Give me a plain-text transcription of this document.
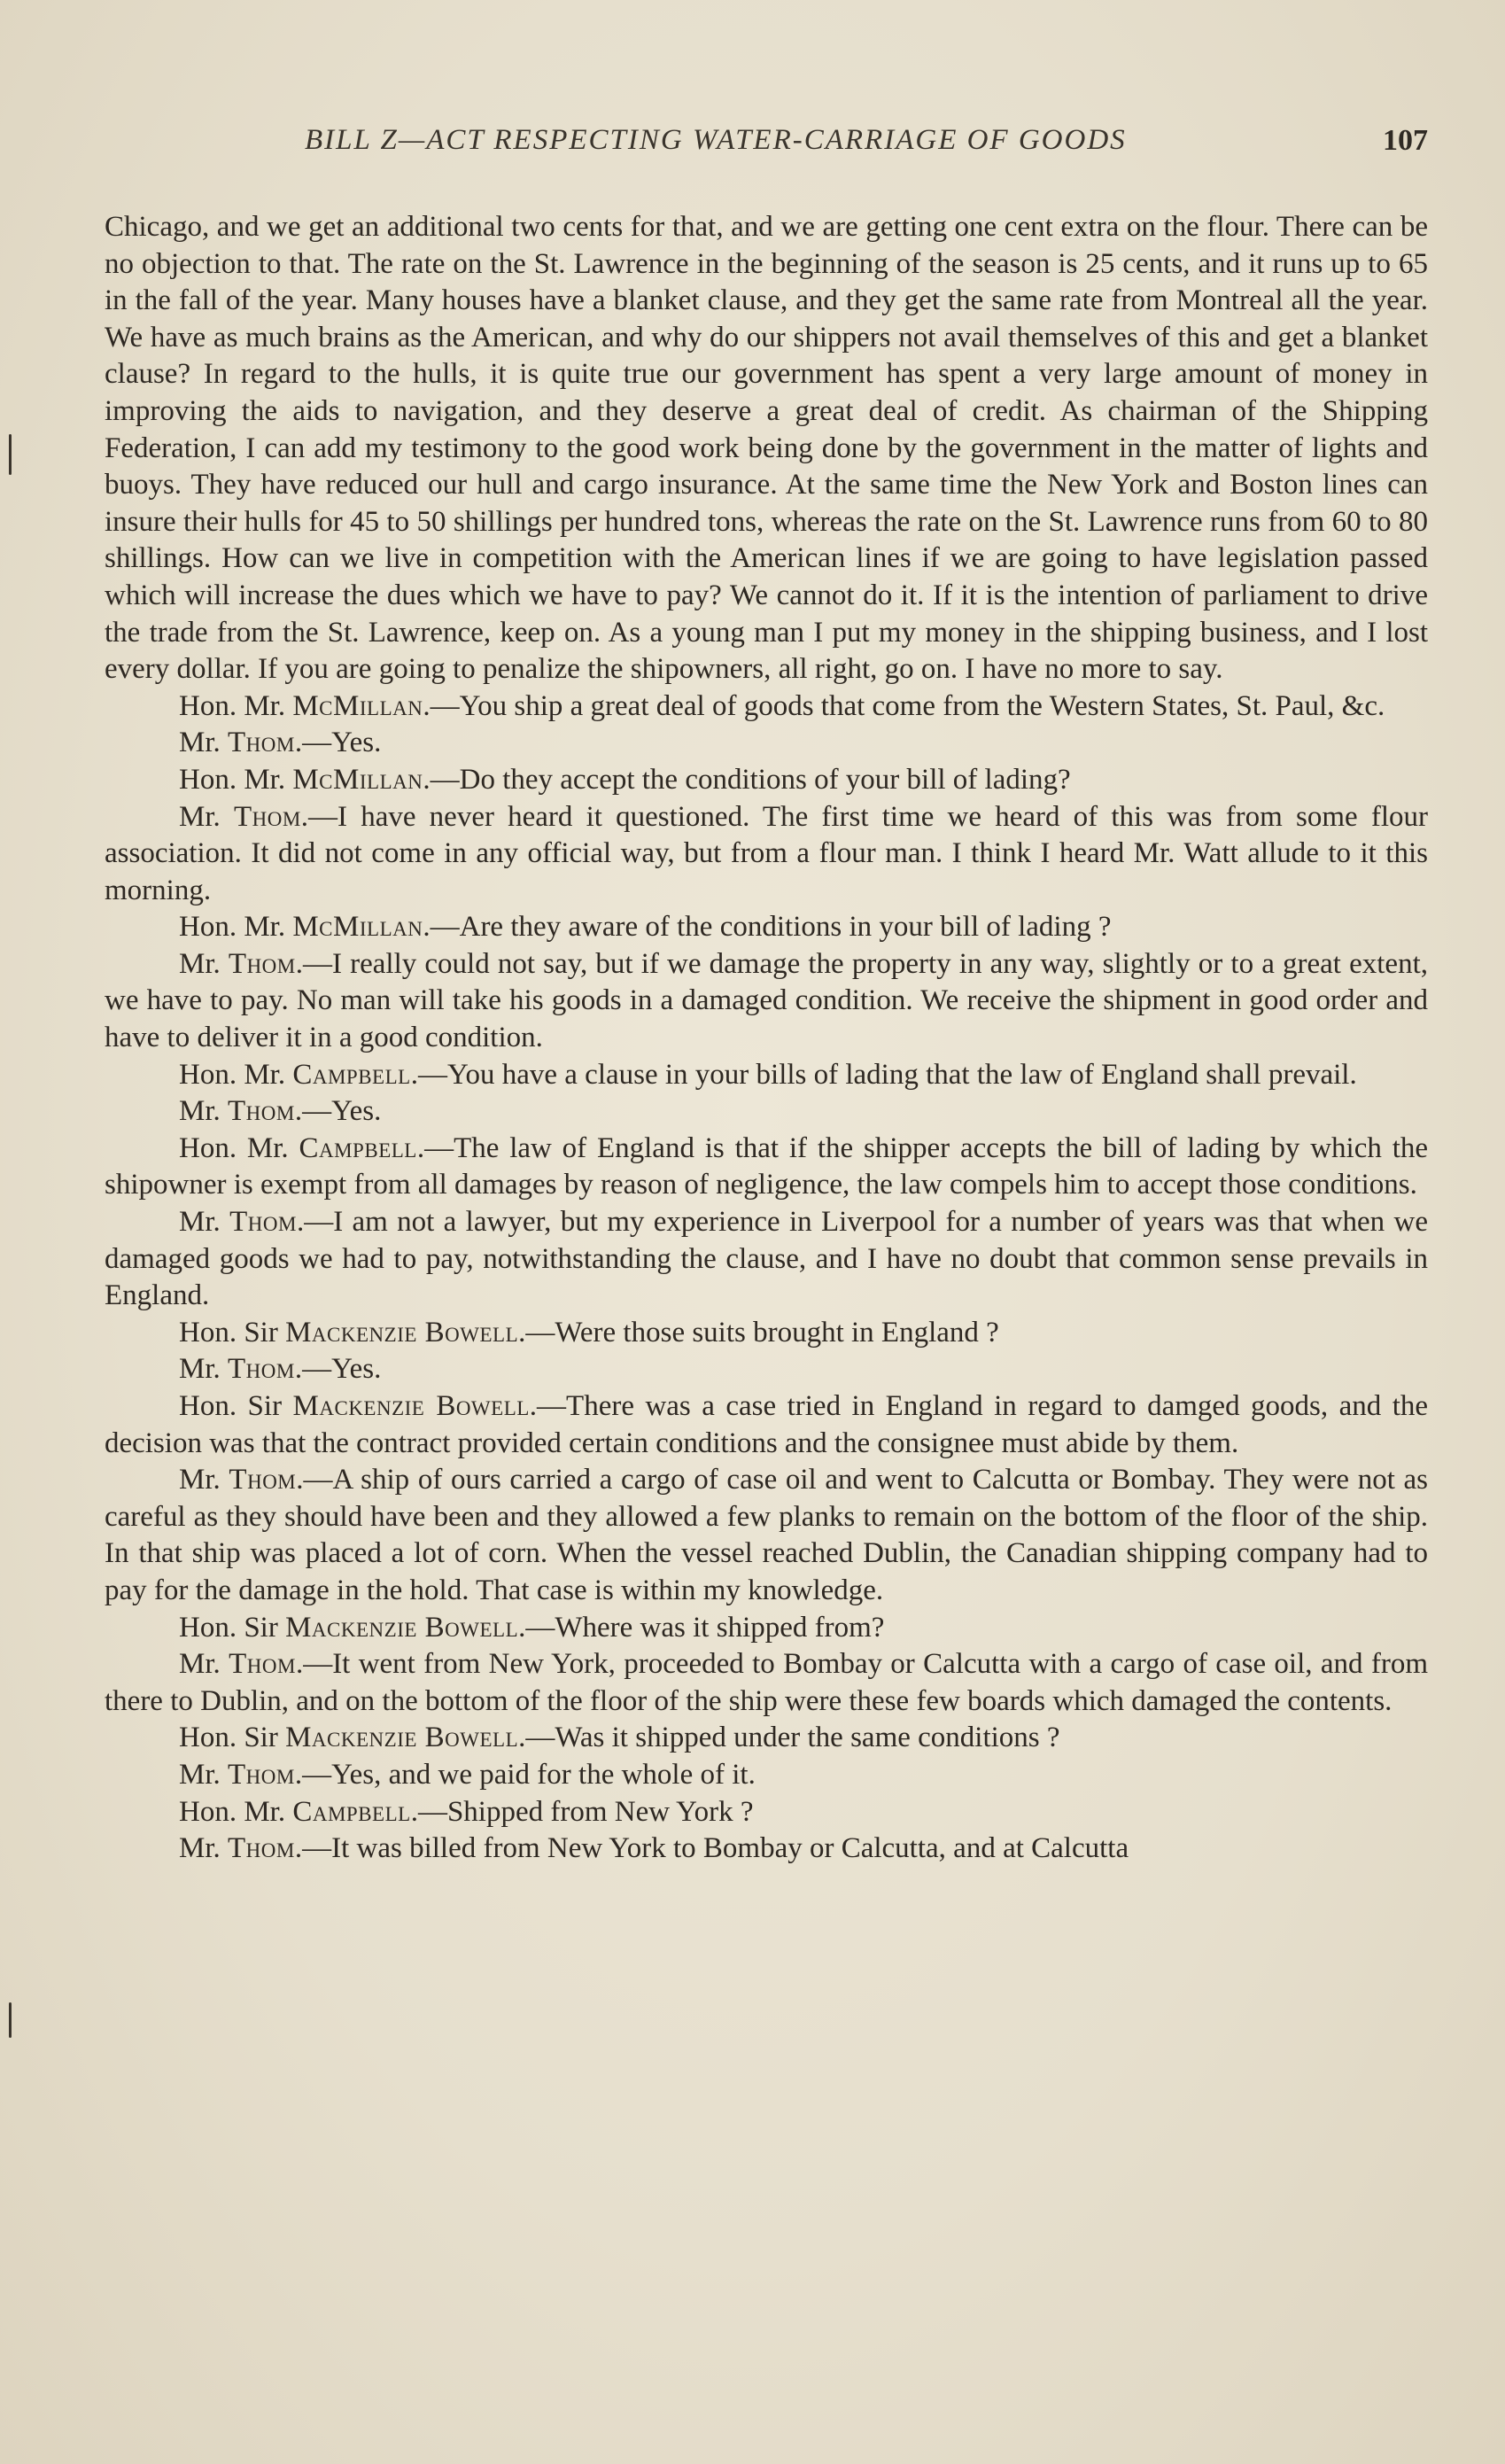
BILL Z—ACT RESPECTING WATER-CARRIAGE OF GOODS	107

Chicago, and we get an additional two cents for that, and we are getting one cent extra on the flour. There can be no objection to that. The rate on the St. Lawrence in the beginning of the season is 25 cents, and it runs up to 65 in the fall of the year. Many houses have a blanket clause, and they get the same rate from Montreal all the year. We have as much brains as the American, and why do our shippers not avail themselves of this and get a blanket clause? In regard to the hulls, it is quite true our government has spent a very large amount of money in improving the aids to navigation, and they deserve a great deal of credit. As chairman of the Shipping Federation, I can add my testimony to the good work being done by the government in the matter of lights and buoys. They have reduced our hull and cargo insurance. At the same time the New York and Boston lines can insure their hulls for 45 to 50 shillings per hundred tons, whereas the rate on the St. Lawrence runs from 60 to 80 shillings. How can we live in competition with the American lines if we are going to have legislation passed which will increase the dues which we have to pay? We cannot do it. If it is the intention of parliament to drive the trade from the St. Lawrence, keep on. As a young man I put my money in the shipping business, and I lost every dollar. If you are going to penalize the shipowners, all right, go on. I have no more to say.

Hon. Mr. McMillan.—You ship a great deal of goods that come from the Western States, St. Paul, &c.

Mr. Thom.—Yes.

Hon. Mr. McMillan.—Do they accept the conditions of your bill of lading?

Mr. Thom.—I have never heard it questioned. The first time we heard of this was from some flour association. It did not come in any official way, but from a flour man. I think I heard Mr. Watt allude to it this morning.

Hon. Mr. McMillan.—Are they aware of the conditions in your bill of lading ?

Mr. Thom.—I really could not say, but if we damage the property in any way, slightly or to a great extent, we have to pay. No man will take his goods in a damaged condition. We receive the shipment in good order and have to deliver it in a good condition.

Hon. Mr. Campbell.—You have a clause in your bills of lading that the law of England shall prevail.

Mr. Thom.—Yes.

Hon. Mr. Campbell.—The law of England is that if the shipper accepts the bill of lading by which the shipowner is exempt from all damages by reason of negligence, the law compels him to accept those conditions.

Mr. Thom.—I am not a lawyer, but my experience in Liverpool for a number of years was that when we damaged goods we had to pay, notwithstanding the clause, and I have no doubt that common sense prevails in England.

Hon. Sir Mackenzie Bowell.—Were those suits brought in England ?

Mr. Thom.—Yes.

Hon. Sir Mackenzie Bowell.—There was a case tried in England in regard to damged goods, and the decision was that the contract provided certain conditions and the consignee must abide by them.

Mr. Thom.—A ship of ours carried a cargo of case oil and went to Calcutta or Bombay. They were not as careful as they should have been and they allowed a few planks to remain on the bottom of the floor of the ship. In that ship was placed a lot of corn. When the vessel reached Dublin, the Canadian shipping company had to pay for the damage in the hold. That case is within my knowledge.

Hon. Sir Mackenzie Bowell.—Where was it shipped from?

Mr. Thom.—It went from New York, proceeded to Bombay or Calcutta with a cargo of case oil, and from there to Dublin, and on the bottom of the floor of the ship were these few boards which damaged the contents.

Hon. Sir Mackenzie Bowell.—Was it shipped under the same conditions ?

Mr. Thom.—Yes, and we paid for the whole of it.

Hon. Mr. Campbell.—Shipped from New York ?

Mr. Thom.—It was billed from New York to Bombay or Calcutta, and at Calcutta
